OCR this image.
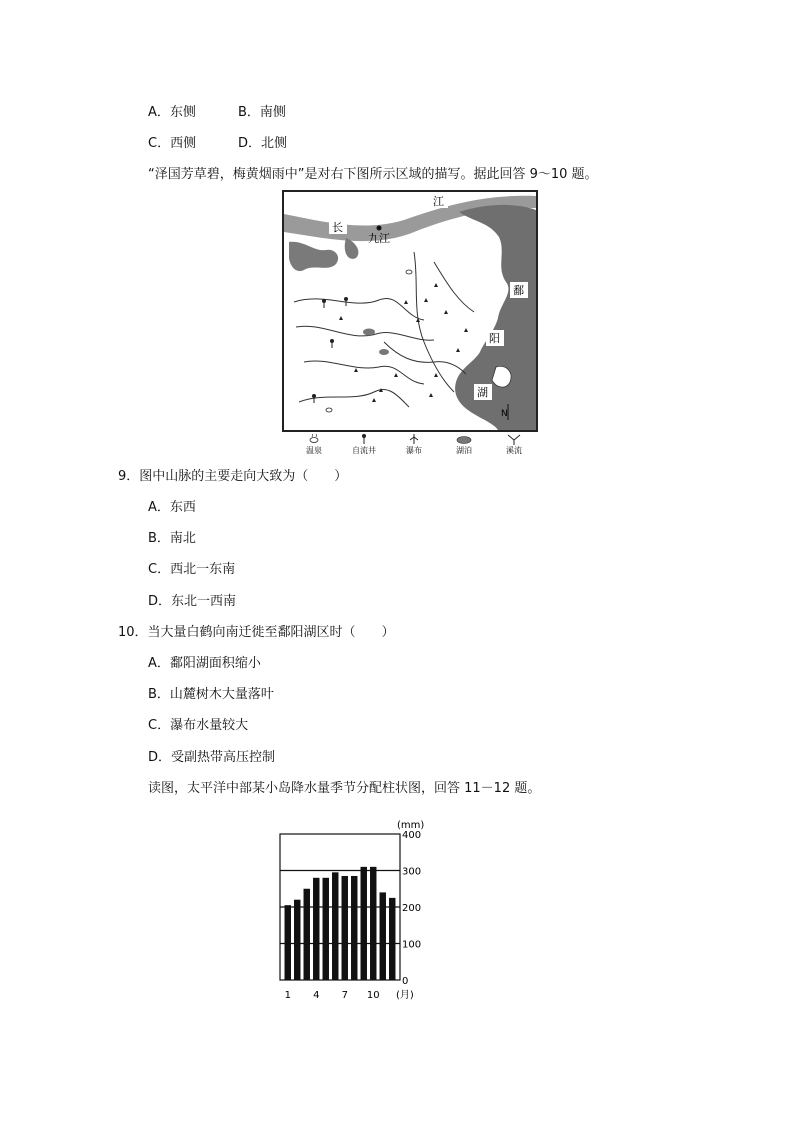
A．东侧	B．南侧
C．西侧	D．北侧
“泽国芳草碧，梅黄烟雨中”是对右下图所示区域的描写。据此回答 9～10 题。
江
长
九江
鄱
阳
湖
N
温泉	自流井	瀑布	湖泊	溪流
9．图中山脉的主要走向大致为（　　）
A．东西
B．南北
C．西北一东南
D．东北一西南
10．当大量白鹤向南迁徙至鄱阳湖区时（　　）
A．鄱阳湖面积缩小
B．山麓树木大量落叶
C．瀑布水量较大
D．受副热带高压控制
读图，太平洋中部某小岛降水量季节分配柱状图，回答 11－12 题。
0
100
200
300
400
(mm)
1 4 7 10 (月)
